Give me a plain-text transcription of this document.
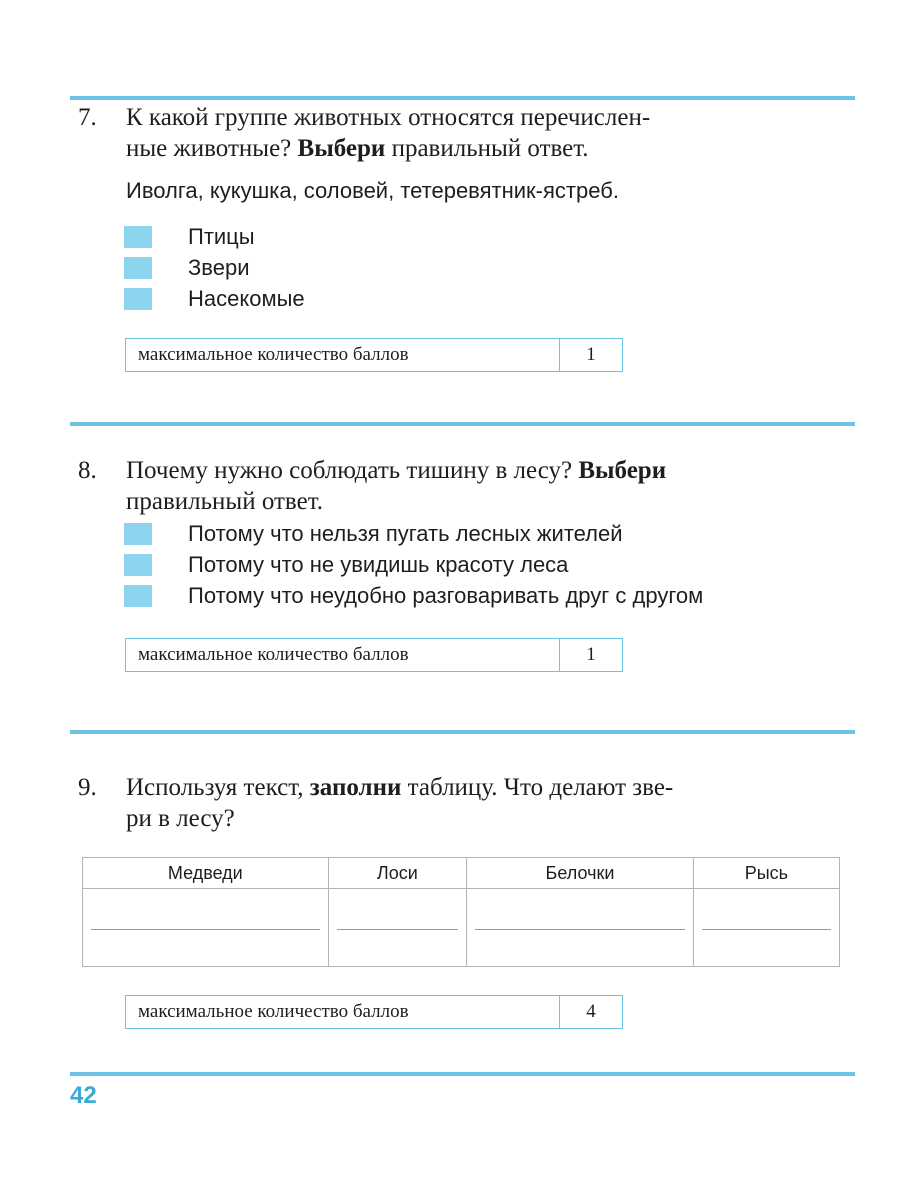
7. К какой группе животных относятся перечислен-
ные животные? Выбери правильный ответ.

Иволга, кукушка, соловей, тетеревятник-ястреб.
Птицы
Звери
Насекомые
максимальное количество баллов	1

8. Почему нужно соблюдать тишину в лесу? Выбери
правильный ответ.

Потому что нельзя пугать лесных жителей
Потому что не увидишь красоту леса
Потому что неудобно разговаривать друг с другом
максимальное количество баллов	1

9. Используя текст, заполни таблицу. Что делают зве-
ри в лесу?

Медведи	Лоси	Белочки	Рысь

максимальное количество баллов	4
42
